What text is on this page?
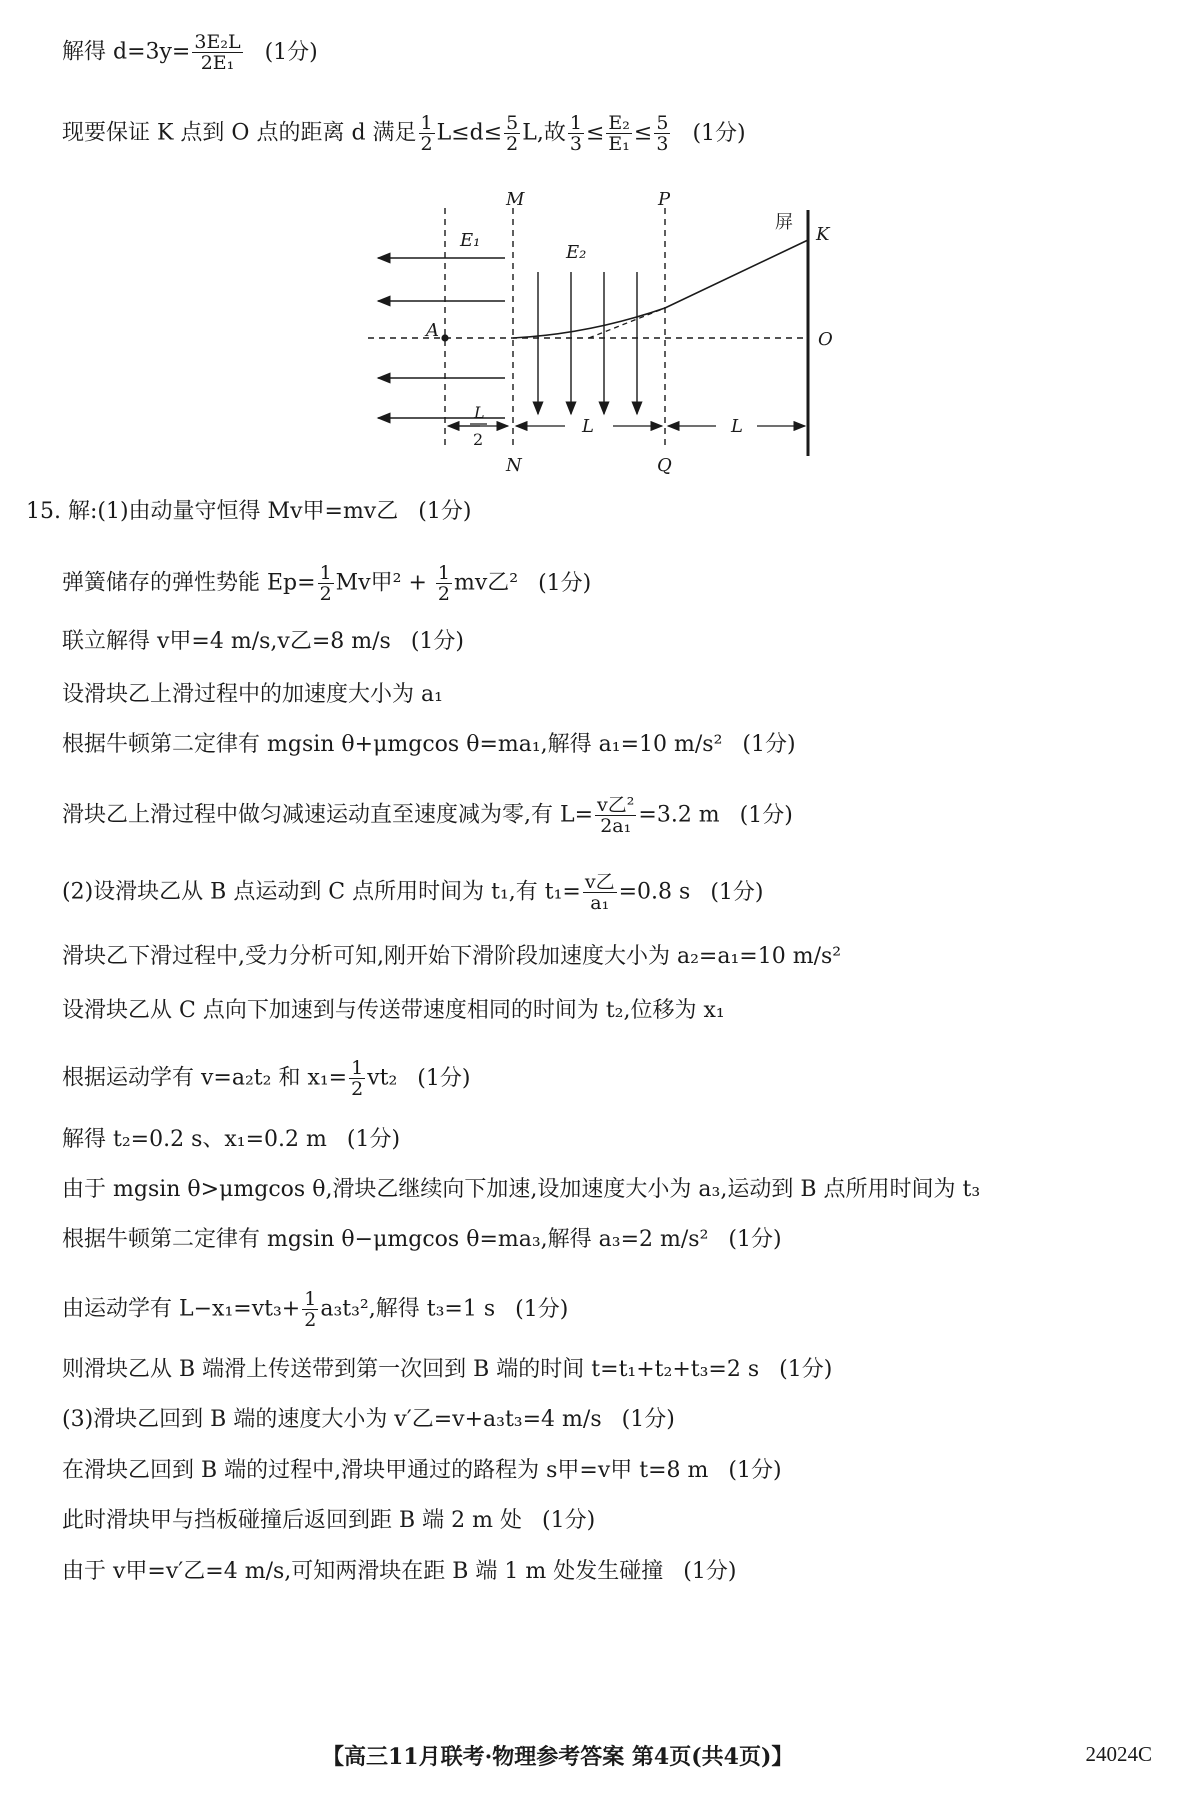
解得 $d=3y= \frac{\text{3E₂L}}{\text{2E₁}} (1$分)
现要保证 K 点到 O 点的距离 d 满足 $\frac{1}{2} L\le d\le \frac{5}{2} L$,故 $\frac{1}{3} \le \frac{\text{E₂}}{\text{E₁}} \le \frac{5}{3} (1$分)
M	P
K
O
A
E₁
E₂
屏
L
2
L	L
N	Q
15. 解:(1)由动量守恒得 Mv甲=mv乙 (1分)
弹簧储存的弹性势能 $Ep= \frac{1}{2}$ Mv甲$^2 + \frac{1}{2}$ mv乙² (1分)
联立解得 v甲=4 m/s,v乙=8 m/s (1分)
设滑块乙上滑过程中的加速度大小为 a₁
根据牛顿第二定律有 mgsin θ+μmgcos θ=ma₁,解得 a₁=10 m/s² (1分)
滑块乙上滑过程中做匀减速运动直至速度减为零,有 $L= \frac{\text{v乙²}}{\text{2a₁}} =3.2$ m (1分)
(2)设滑块乙从 B 点运动到 C 点所用时间为 t₁,有 $t_1= \frac{\text{v乙}}{\text{a₁}} =0.8$ s (1分)
滑块乙下滑过程中,受力分析可知,刚开始下滑阶段加速度大小为 a₂=a₁=10 m/s²
设滑块乙从 C 点向下加速到与传送带速度相同的时间为 t₂,位移为 x₁
根据运动学有 v=a₂t₂ 和 $x_1= \frac{1}{2} vt_2$ (1分)
解得 t₂=0.2 s、x₁=0.2 m (1分)
由于 mgsin θ>μmgcos θ,滑块乙继续向下加速,设加速度大小为 a₃,运动到 B 点所用时间为 t₃
根据牛顿第二定律有 mgsin θ−μmgcos θ=ma₃,解得 a₃=2 m/s² (1分)
由运动学有 $L-x_1=vt_3+ \frac{1}{2} a_3t_3^2$,解得 t₃=1 s (1分)
则滑块乙从 B 端滑上传送带到第一次回到 B 端的时间 t=t₁+t₂+t₃=2 s (1分)
(3)滑块乙回到 B 端的速度大小为 v′乙=v+a₃t₃=4 m/s (1分)
在滑块乙回到 B 端的过程中,滑块甲通过的路程为 s甲=v甲 t=8 m (1分)
此时滑块甲与挡板碰撞后返回到距 B 端 2 m 处 (1分)
由于 v甲=v′乙=4 m/s,可知两滑块在距 B 端 1 m 处发生碰撞 (1分)
【高三11月联考·物理参考答案 第4页(共4页)】	24024C
